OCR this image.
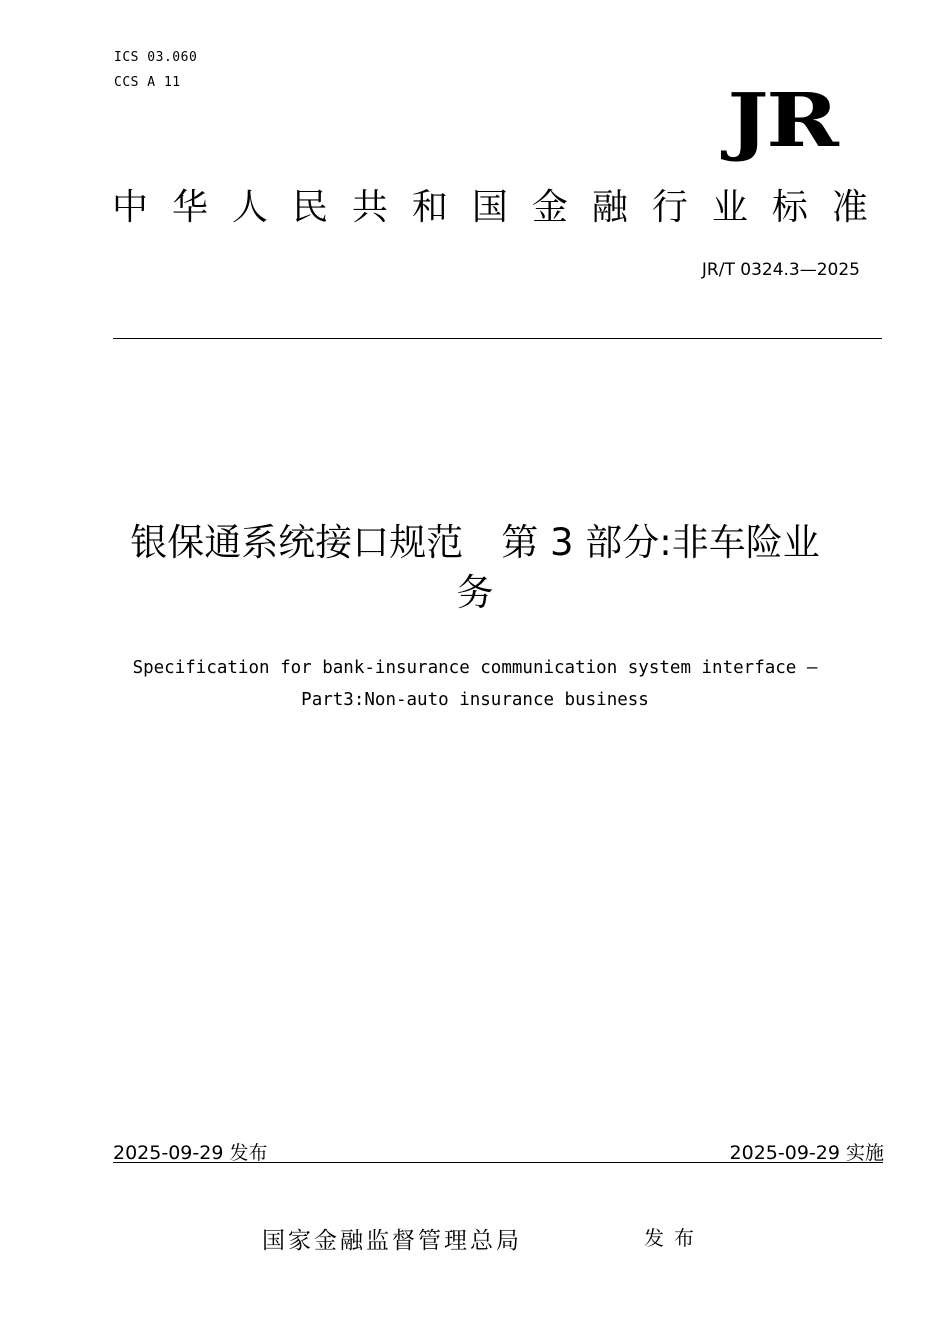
ICS 03.060
CCS A 11	JR
中 华 人 民 共 和 国 金 融 行 业 标 准
JR/T 0324.3—2025
银保通系统接口规范 第 3 部分:非车险业
务
Specification for bank-insurance communication system interface —
Part3:Non-auto insurance business
2025-09-29 发布	2025-09-29 实施
国家金融监督管理总局	发布
